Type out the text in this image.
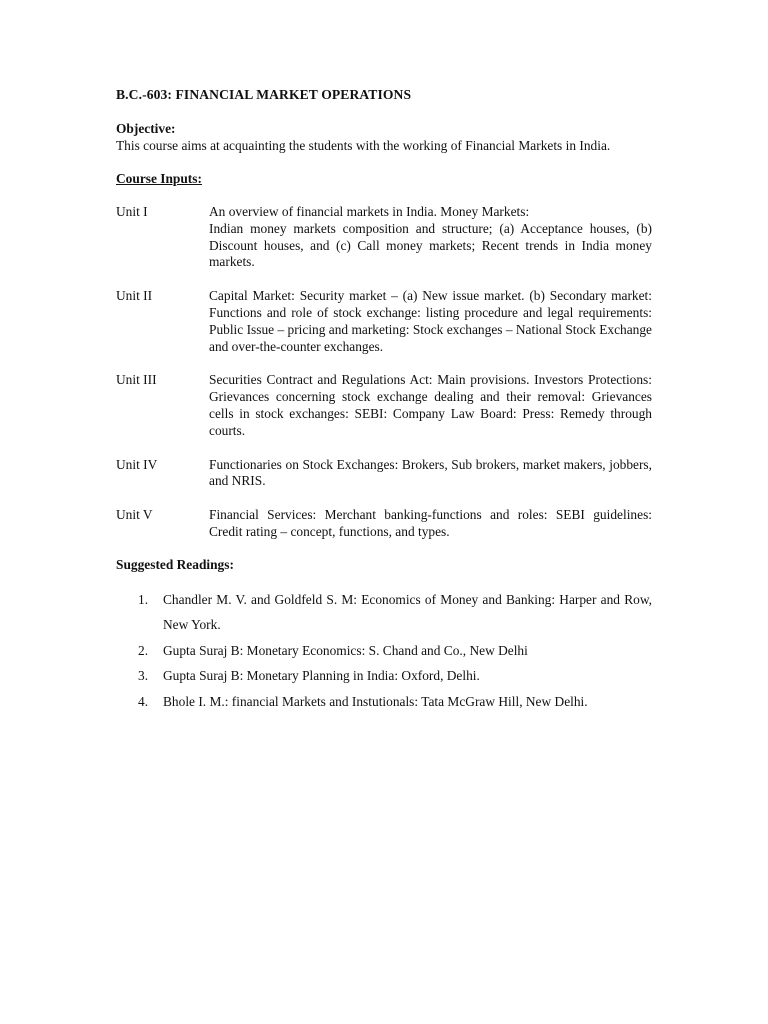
B.C.-603: FINANCIAL MARKET OPERATIONS
Objective:
This course aims at acquainting the students with the working of Financial Markets in India.
Course Inputs:
Unit I	An overview of financial markets in India. Money Markets:
Indian money markets composition and structure; (a) Acceptance houses, (b) Discount houses, and (c) Call money markets; Recent trends in India money markets.
Unit II	Capital Market: Security market – (a) New issue market. (b) Secondary market: Functions and role of stock exchange: listing procedure and legal requirements: Public Issue – pricing and marketing: Stock exchanges – National Stock Exchange and over-the-counter exchanges.
Unit III	Securities Contract and Regulations Act: Main provisions. Investors Protections: Grievances concerning stock exchange dealing and their removal: Grievances cells in stock exchanges: SEBI: Company Law Board: Press: Remedy through courts.
Unit IV	Functionaries on Stock Exchanges: Brokers, Sub brokers, market makers, jobbers, and NRIS.
Unit V	Financial Services: Merchant banking-functions and roles: SEBI guidelines: Credit rating – concept, functions, and types.
Suggested Readings:
1.	Chandler M. V. and Goldfeld S. M: Economics of Money and Banking: Harper and Row, New York.
2.	Gupta Suraj B: Monetary Economics: S. Chand and Co., New Delhi
3.	Gupta Suraj B: Monetary Planning in India: Oxford, Delhi.
4.	Bhole I. M.: financial Markets and Instutionals: Tata McGraw Hill, New Delhi.
